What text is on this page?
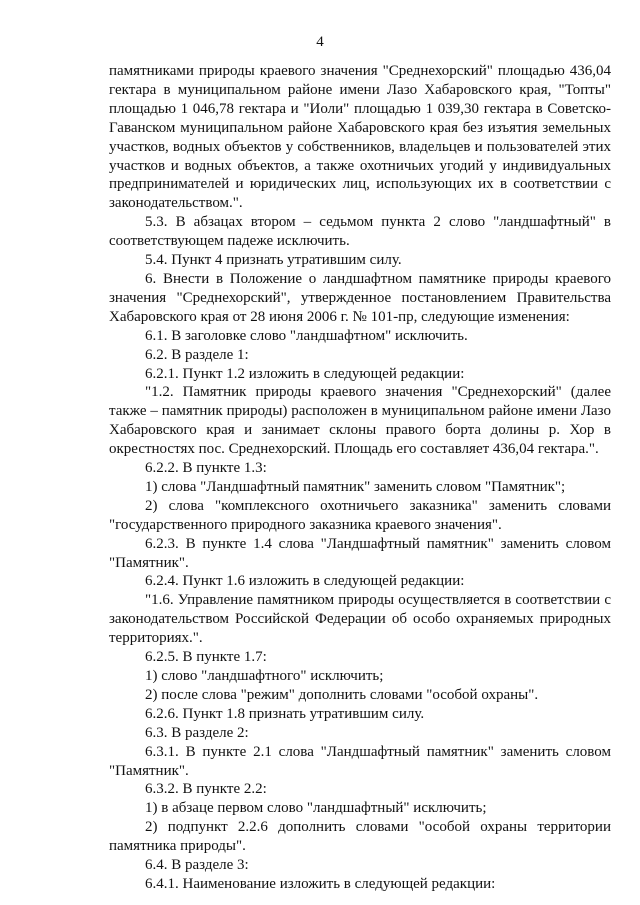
4

памятниками природы краевого значения "Среднехорский" площадью 436,04 гектара в муниципальном районе имени Лазо Хабаровского края, "Топты" площадью 1 046,78 гектара и "Иоли" площадью 1 039,30 гектара в Советско-Гаванском муниципальном районе Хабаровского края без изъятия земельных участков, водных объектов у собственников, владельцев и пользователей этих участков и водных объектов, а также охотничьих угодий у индивидуальных предпринимателей и юридических лиц, использующих их в соответствии с законодательством.".

5.3. В абзацах втором – седьмом пункта 2 слово "ландшафтный" в соответствующем падеже исключить.

5.4. Пункт 4 признать утратившим силу.

6. Внести в Положение о ландшафтном памятнике природы краевого значения "Среднехорский", утвержденное постановлением Правительства Хабаровского края от 28 июня 2006 г. № 101-пр, следующие изменения:

6.1. В заголовке слово "ландшафтном" исключить.

6.2. В разделе 1:

6.2.1. Пункт 1.2 изложить в следующей редакции:

"1.2. Памятник природы краевого значения "Среднехорский" (далее также – памятник природы) расположен в муниципальном районе имени Лазо Хабаровского края и занимает склоны правого борта долины р. Хор в окрестностях пос. Среднехорский. Площадь его составляет 436,04 гектара.".

6.2.2. В пункте 1.3:

1) слова "Ландшафтный памятник" заменить словом "Памятник";

2) слова "комплексного охотничьего заказника" заменить словами "государственного природного заказника краевого значения".

6.2.3. В пункте 1.4 слова "Ландшафтный памятник" заменить словом "Памятник".

6.2.4. Пункт 1.6 изложить в следующей редакции:

"1.6. Управление памятником природы осуществляется в соответствии с законодательством Российской Федерации об особо охраняемых природных территориях.".

6.2.5. В пункте 1.7:

1) слово "ландшафтного" исключить;

2) после слова "режим" дополнить словами "особой охраны".

6.2.6. Пункт 1.8 признать утратившим силу.

6.3. В разделе 2:

6.3.1. В пункте 2.1 слова "Ландшафтный памятник" заменить словом "Памятник".

6.3.2. В пункте 2.2:

1) в абзаце первом слово "ландшафтный" исключить;

2) подпункт 2.2.6 дополнить словами "особой охраны территории памятника природы".

6.4. В разделе 3:

6.4.1. Наименование изложить в следующей редакции:
